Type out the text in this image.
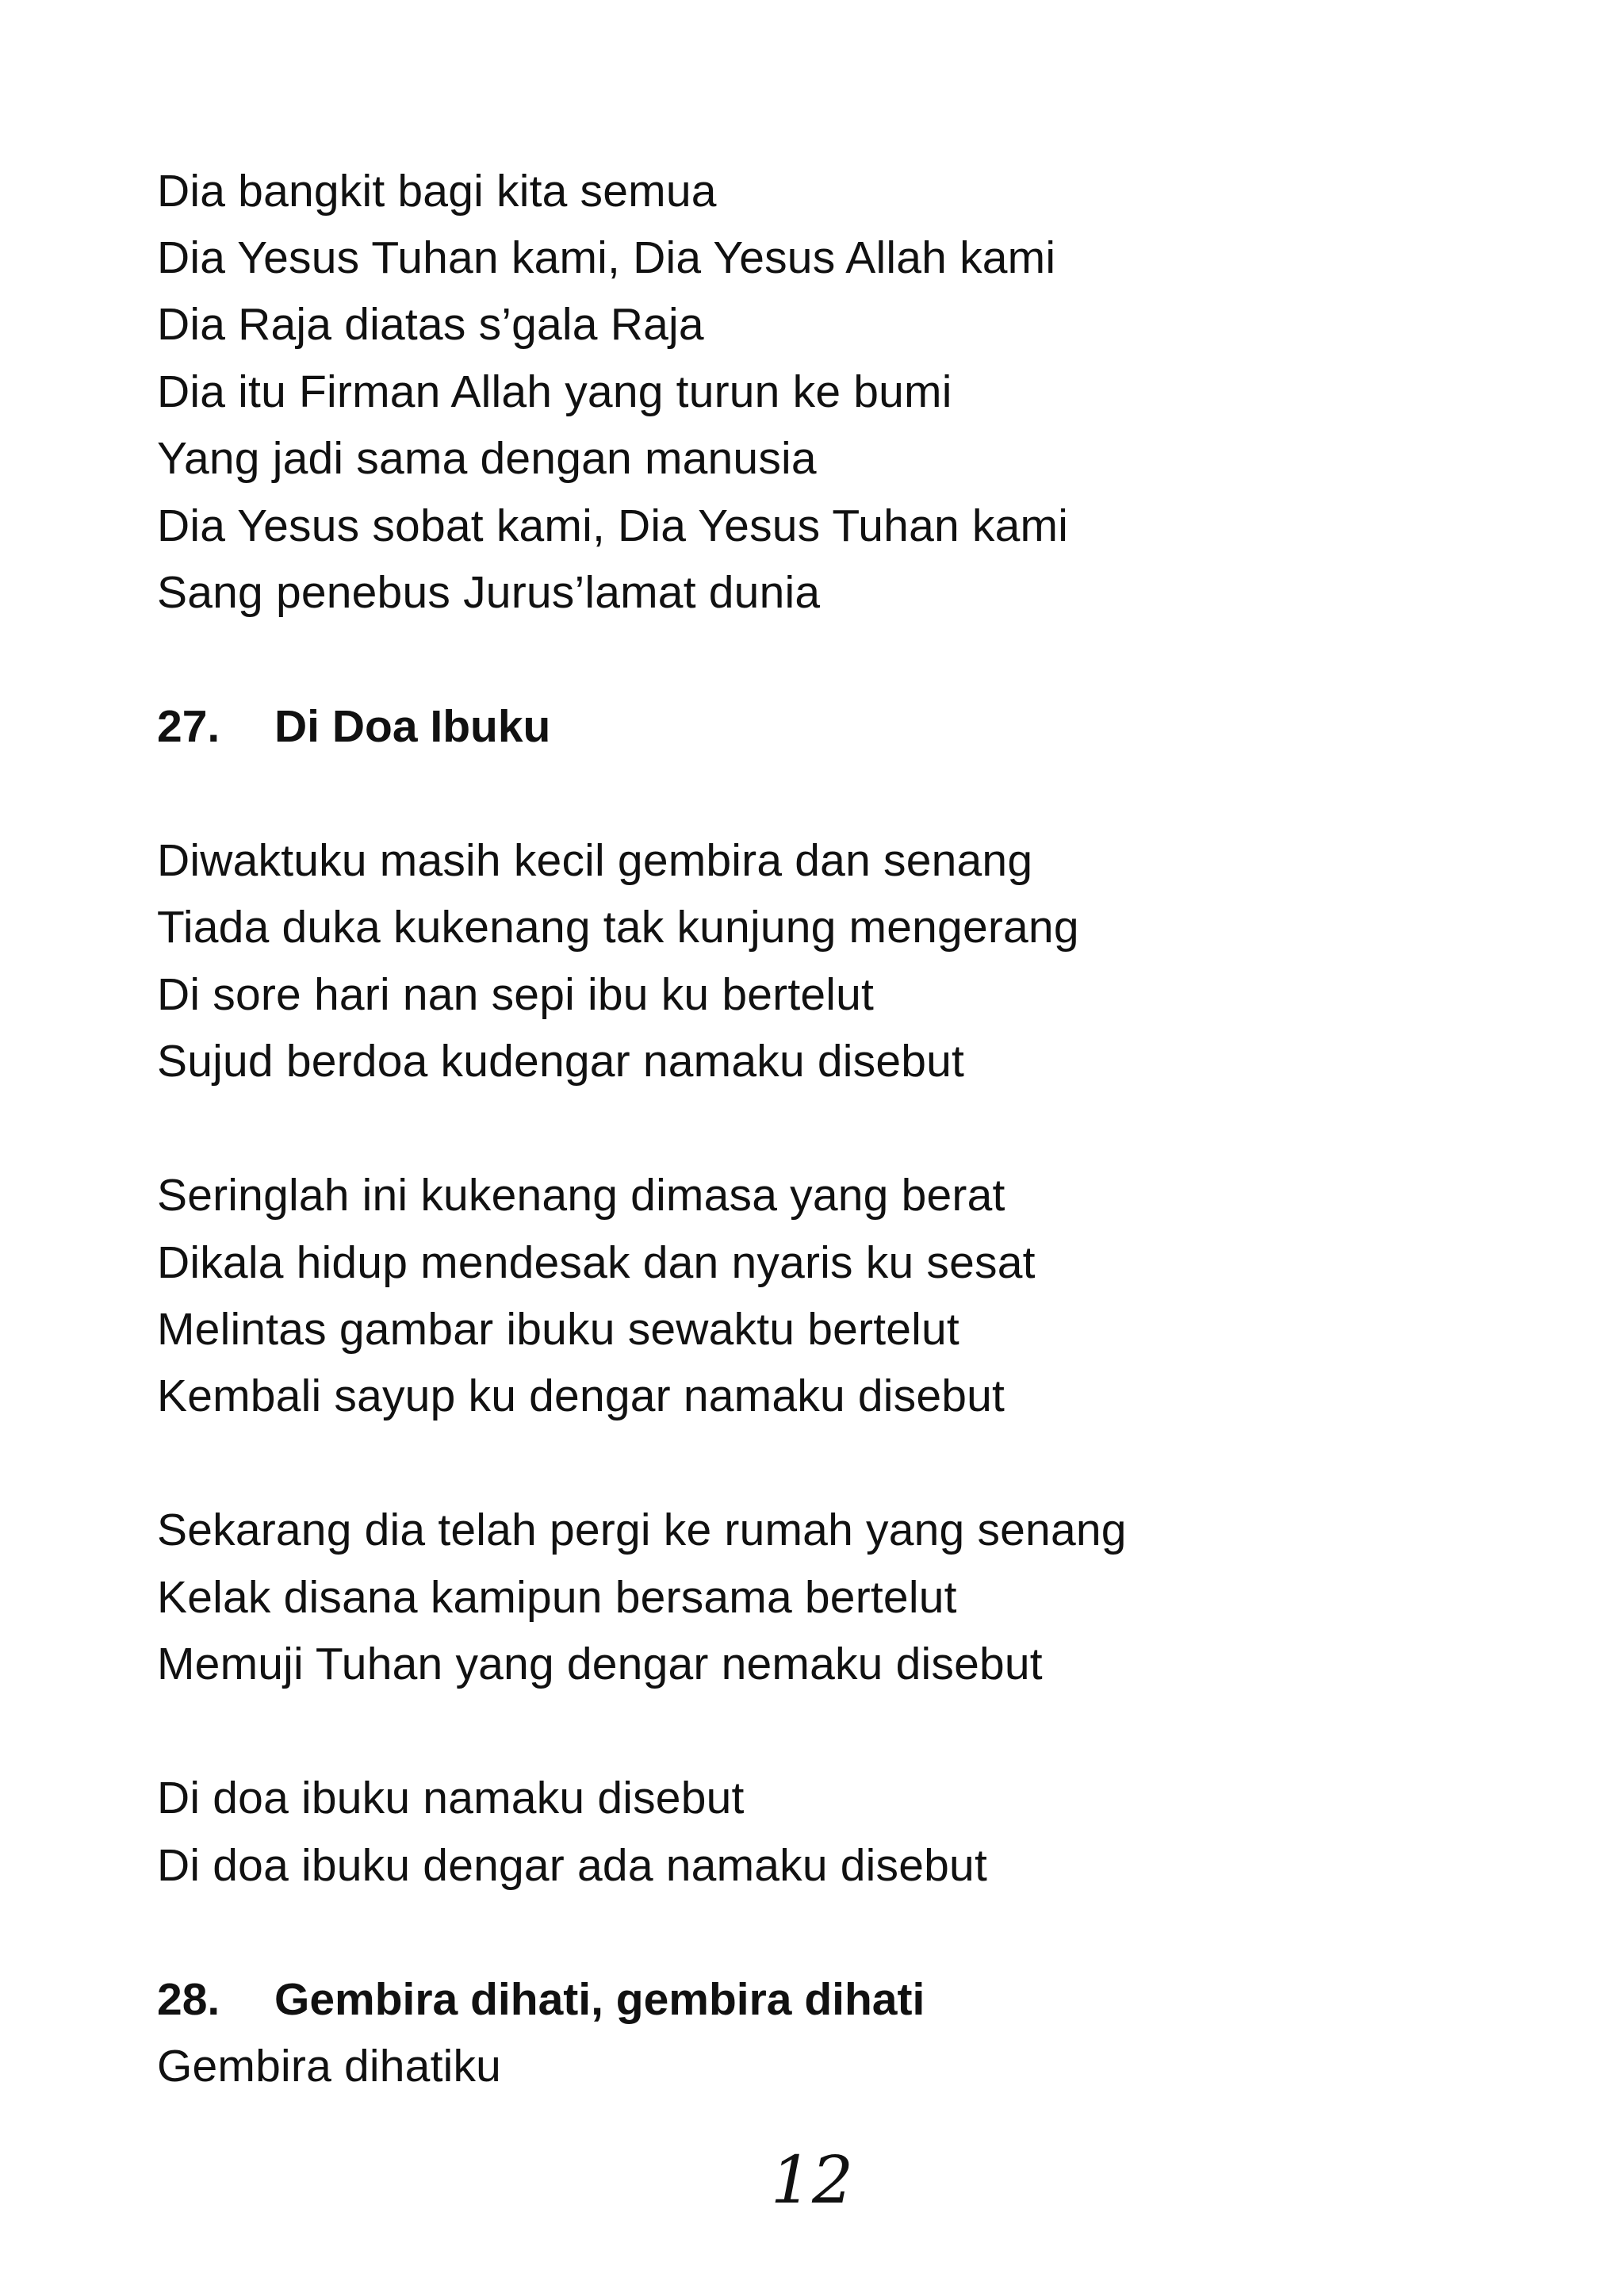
Dia bangkit bagi kita semua
Dia Yesus Tuhan kami, Dia Yesus Allah kami
Dia Raja diatas s’gala Raja
Dia itu Firman Allah yang turun ke bumi
Yang jadi sama dengan manusia
Dia Yesus sobat kami, Dia Yesus Tuhan kami
Sang penebus Jurus’lamat dunia
27. Di Doa Ibuku
Diwaktuku masih kecil gembira dan senang
Tiada duka kukenang tak kunjung mengerang
Di sore hari nan sepi ibu ku bertelut
Sujud berdoa kudengar namaku disebut
Seringlah ini kukenang dimasa yang berat
Dikala hidup mendesak dan nyaris ku sesat
Melintas gambar ibuku sewaktu bertelut
Kembali sayup ku dengar namaku disebut
Sekarang dia telah pergi ke rumah yang senang
Kelak disana kamipun bersama bertelut
Memuji Tuhan yang dengar nemaku disebut
Di doa ibuku namaku disebut
Di doa ibuku dengar ada namaku disebut
28. Gembira dihati, gembira dihati
Gembira dihatiku
12
